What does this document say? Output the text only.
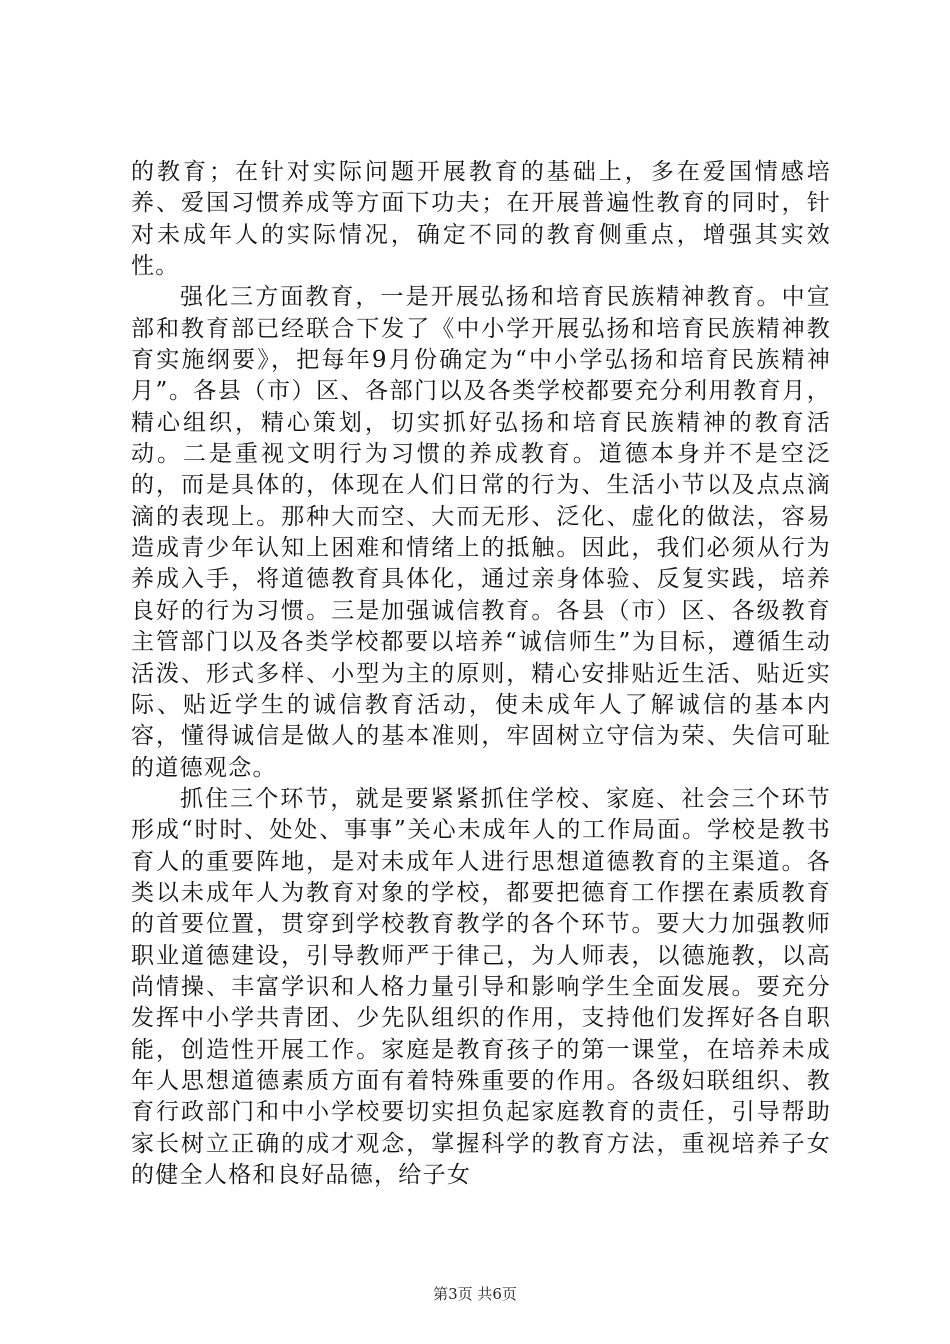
的教育；在针对实际问题开展教育的基础上，多在爱国情感培养、爱国习惯养成等方面下功夫；在开展普遍性教育的同时，针对未成年人的实际情况，确定不同的教育侧重点，增强其实效性。

强化三方面教育，一是开展弘扬和培育民族精神教育。中宣部和教育部已经联合下发了《中小学开展弘扬和培育民族精神教育实施纲要》，把每年9月份确定为“中小学弘扬和培育民族精神月”。各县（市）区、各部门以及各类学校都要充分利用教育月，精心组织，精心策划，切实抓好弘扬和培育民族精神的教育活动。二是重视文明行为习惯的养成教育。道德本身并不是空泛的，而是具体的，体现在人们日常的行为、生活小节以及点点滴滴的表现上。那种大而空、大而无形、泛化、虚化的做法，容易造成青少年认知上困难和情绪上的抵触。因此，我们必须从行为养成入手，将道德教育具体化，通过亲身体验、反复实践，培养良好的行为习惯。三是加强诚信教育。各县（市）区、各级教育主管部门以及各类学校都要以培养“诚信师生”为目标，遵循生动活泼、形式多样、小型为主的原则，精心安排贴近生活、贴近实际、贴近学生的诚信教育活动，使未成年人了解诚信的基本内容，懂得诚信是做人的基本准则，牢固树立守信为荣、失信可耻的道德观念。

抓住三个环节，就是要紧紧抓住学校、家庭、社会三个环节形成“时时、处处、事事”关心未成年人的工作局面。学校是教书育人的重要阵地，是对未成年人进行思想道德教育的主渠道。各类以未成年人为教育对象的学校，都要把德育工作摆在素质教育的首要位置，贯穿到学校教育教学的各个环节。要大力加强教师职业道德建设，引导教师严于律己，为人师表，以德施教，以高尚情操、丰富学识和人格力量引导和影响学生全面发展。要充分发挥中小学共青团、少先队组织的作用，支持他们发挥好各自职能，创造性开展工作。家庭是教育孩子的第一课堂，在培养未成年人思想道德素质方面有着特殊重要的作用。各级妇联组织、教育行政部门和中小学校要切实担负起家庭教育的责任，引导帮助家长树立正确的成才观念，掌握科学的教育方法，重视培养子女的健全人格和良好品德，给子女

第3页 共6页
